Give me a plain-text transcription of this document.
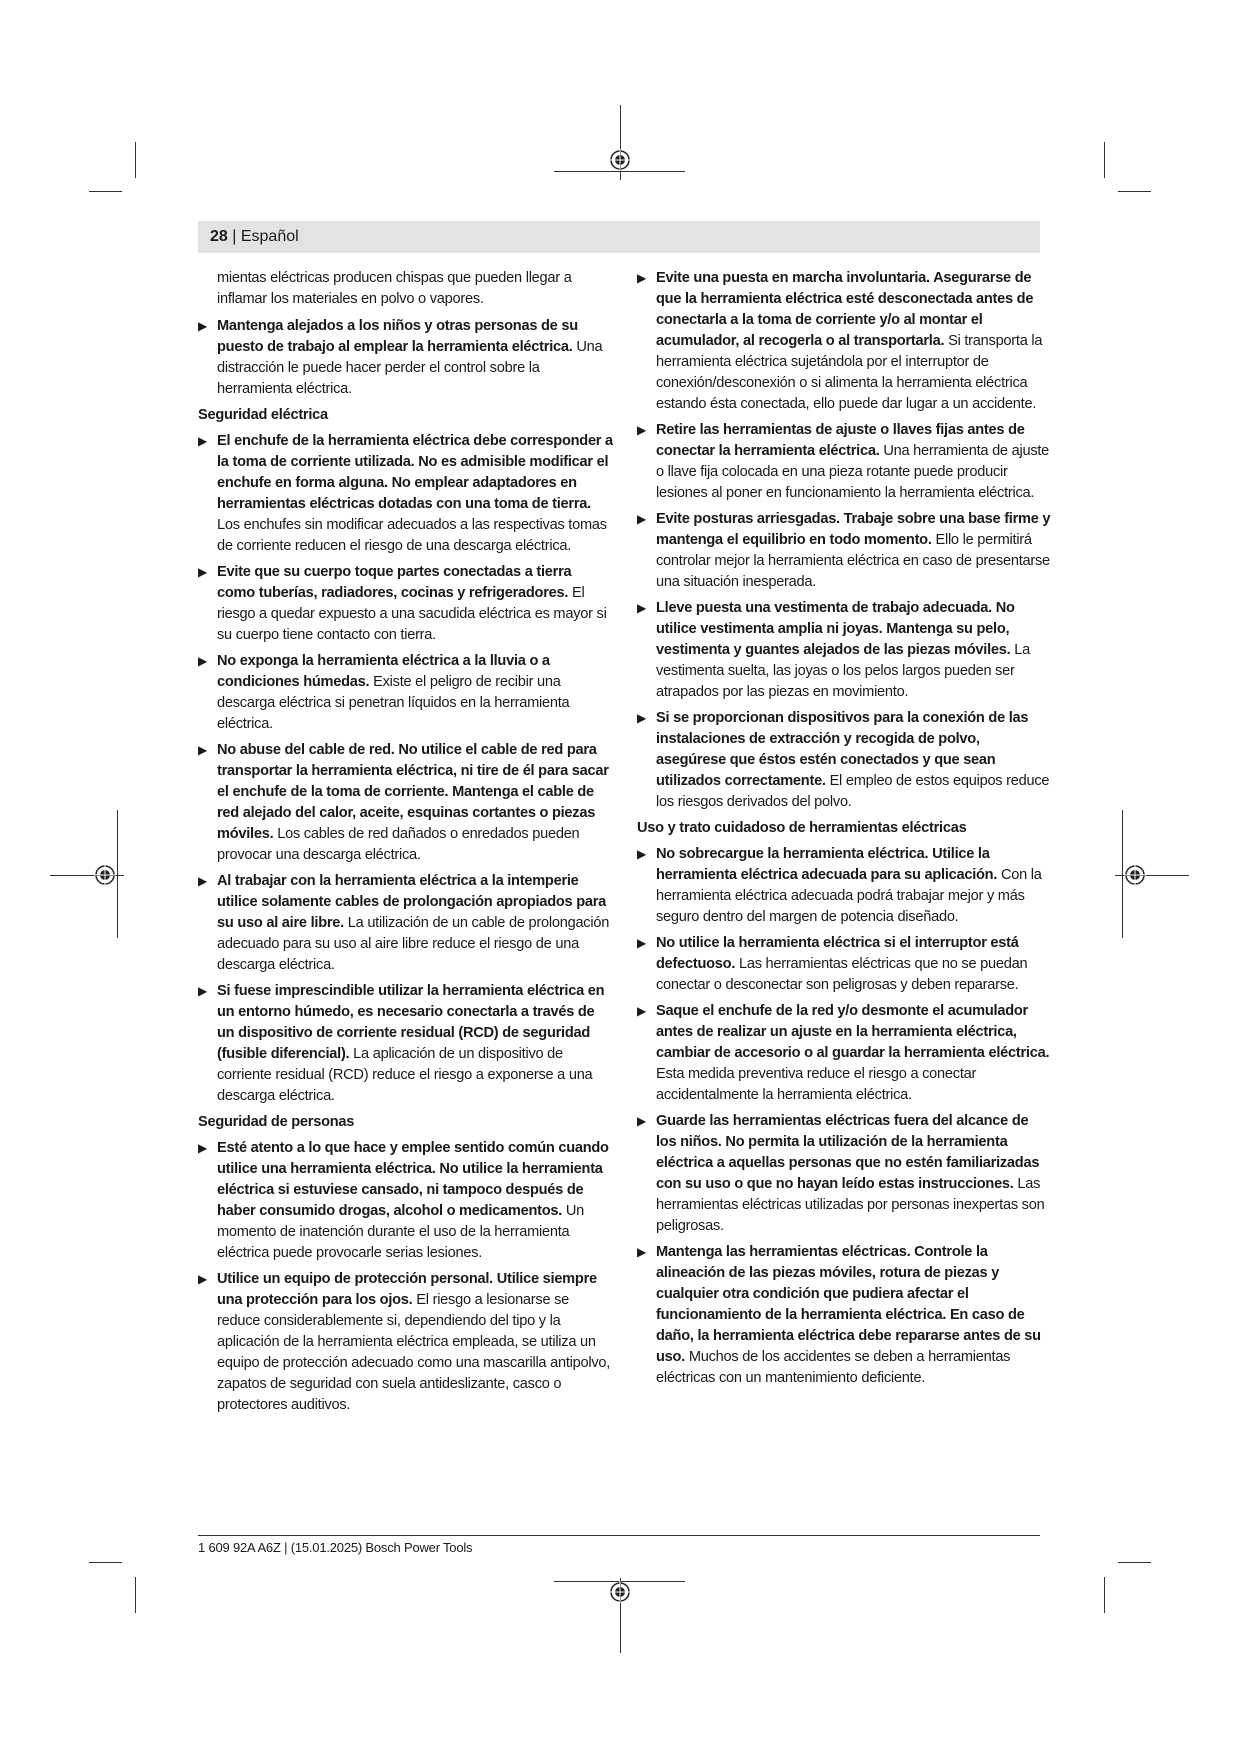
28 | Español

mientas eléctricas producen chispas que pueden llegar a inflamar los materiales en polvo o vapores.

▶ Mantenga alejados a los niños y otras personas de su puesto de trabajo al emplear la herramienta eléctrica. Una distracción le puede hacer perder el control sobre la herramienta eléctrica.

Seguridad eléctrica

▶ El enchufe de la herramienta eléctrica debe corresponder a la toma de corriente utilizada. No es admisible modificar el enchufe en forma alguna. No emplear adaptadores en herramientas eléctricas dotadas con una toma de tierra. Los enchufes sin modificar adecuados a las respectivas tomas de corriente reducen el riesgo de una descarga eléctrica.

▶ Evite que su cuerpo toque partes conectadas a tierra como tuberías, radiadores, cocinas y refrigeradores. El riesgo a quedar expuesto a una sacudida eléctrica es mayor si su cuerpo tiene contacto con tierra.

▶ No exponga la herramienta eléctrica a la lluvia o a condiciones húmedas. Existe el peligro de recibir una descarga eléctrica si penetran líquidos en la herramienta eléctrica.

▶ No abuse del cable de red. No utilice el cable de red para transportar la herramienta eléctrica, ni tire de él para sacar el enchufe de la toma de corriente. Mantenga el cable de red alejado del calor, aceite, esquinas cortantes o piezas móviles. Los cables de red dañados o enredados pueden provocar una descarga eléctrica.

▶ Al trabajar con la herramienta eléctrica a la intemperie utilice solamente cables de prolongación apropiados para su uso al aire libre. La utilización de un cable de prolongación adecuado para su uso al aire libre reduce el riesgo de una descarga eléctrica.

▶ Si fuese imprescindible utilizar la herramienta eléctrica en un entorno húmedo, es necesario conectarla a través de un dispositivo de corriente residual (RCD) de seguridad (fusible diferencial). La aplicación de un dispositivo de corriente residual (RCD) reduce el riesgo a exponerse a una descarga eléctrica.

Seguridad de personas

▶ Esté atento a lo que hace y emplee sentido común cuando utilice una herramienta eléctrica. No utilice la herramienta eléctrica si estuviese cansado, ni tampoco después de haber consumido drogas, alcohol o medicamentos. Un momento de inatención durante el uso de la herramienta eléctrica puede provocarle serias lesiones.

▶ Utilice un equipo de protección personal. Utilice siempre una protección para los ojos. El riesgo a lesionarse se reduce considerablemente si, dependiendo del tipo y la aplicación de la herramienta eléctrica empleada, se utiliza un equipo de protección adecuado como una mascarilla antipolvo, zapatos de seguridad con suela antideslizante, casco o protectores auditivos.

▶ Evite una puesta en marcha involuntaria. Asegurarse de que la herramienta eléctrica esté desconectada antes de conectarla a la toma de corriente y/o al montar el acumulador, al recogerla o al transportarla. Si transporta la herramienta eléctrica sujetándola por el interruptor de conexión/desconexión o si alimenta la herramienta eléctrica estando ésta conectada, ello puede dar lugar a un accidente.

▶ Retire las herramientas de ajuste o llaves fijas antes de conectar la herramienta eléctrica. Una herramienta de ajuste o llave fija colocada en una pieza rotante puede producir lesiones al poner en funcionamiento la herramienta eléctrica.

▶ Evite posturas arriesgadas. Trabaje sobre una base firme y mantenga el equilibrio en todo momento. Ello le permitirá controlar mejor la herramienta eléctrica en caso de presentarse una situación inesperada.

▶ Lleve puesta una vestimenta de trabajo adecuada. No utilice vestimenta amplia ni joyas. Mantenga su pelo, vestimenta y guantes alejados de las piezas móviles. La vestimenta suelta, las joyas o los pelos largos pueden ser atrapados por las piezas en movimiento.

▶ Si se proporcionan dispositivos para la conexión de las instalaciones de extracción y recogida de polvo, asegúrese que éstos estén conectados y que sean utilizados correctamente. El empleo de estos equipos reduce los riesgos derivados del polvo.

Uso y trato cuidadoso de herramientas eléctricas

▶ No sobrecargue la herramienta eléctrica. Utilice la herramienta eléctrica adecuada para su aplicación. Con la herramienta eléctrica adecuada podrá trabajar mejor y más seguro dentro del margen de potencia diseñado.

▶ No utilice la herramienta eléctrica si el interruptor está defectuoso. Las herramientas eléctricas que no se puedan conectar o desconectar son peligrosas y deben repararse.

▶ Saque el enchufe de la red y/o desmonte el acumulador antes de realizar un ajuste en la herramienta eléctrica, cambiar de accesorio o al guardar la herramienta eléctrica. Esta medida preventiva reduce el riesgo a conectar accidentalmente la herramienta eléctrica.

▶ Guarde las herramientas eléctricas fuera del alcance de los niños. No permita la utilización de la herramienta eléctrica a aquellas personas que no estén familiarizadas con su uso o que no hayan leído estas instrucciones. Las herramientas eléctricas utilizadas por personas inexpertas son peligrosas.

▶ Mantenga las herramientas eléctricas. Controle la alineación de las piezas móviles, rotura de piezas y cualquier otra condición que pudiera afectar el funcionamiento de la herramienta eléctrica. En caso de daño, la herramienta eléctrica debe repararse antes de su uso. Muchos de los accidentes se deben a herramientas eléctricas con un mantenimiento deficiente.

1 609 92A A6Z | (15.01.2025) Bosch Power Tools
